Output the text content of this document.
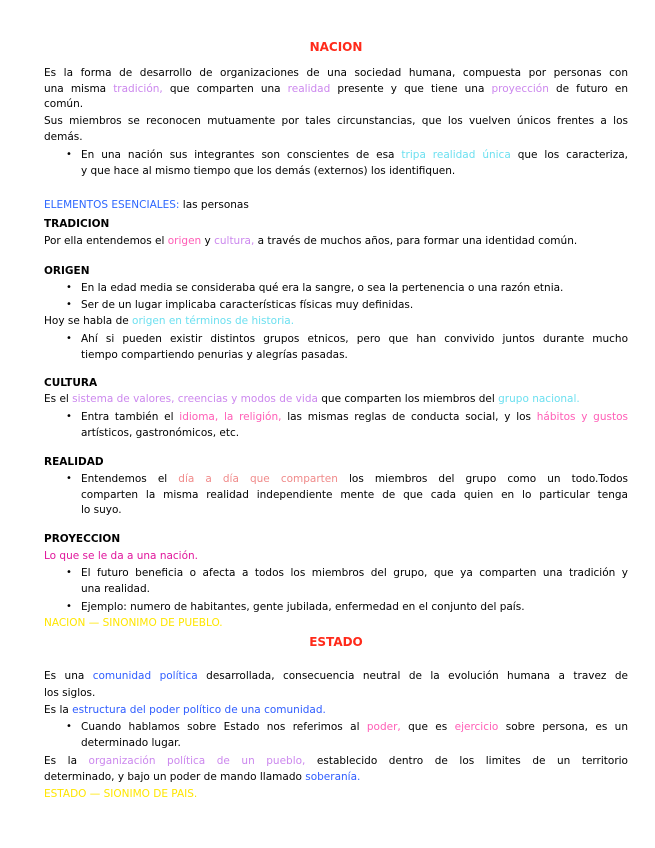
NACION
Es la forma de desarrollo de organizaciones de una sociedad humana, compuesta por personas con
una misma tradición, que comparten una realidad presente y que tiene una proyección de futuro en
común.
Sus miembros se reconocen mutuamente por tales circunstancias, que los vuelven únicos frentes a los
demás.
• En una nación sus integrantes son conscientes de esa tripa realidad única que los caracteriza,
y que hace al mismo tiempo que los demás (externos) los identifiquen.
ELEMENTOS ESENCIALES: las personas
TRADICION
Por ella entendemos el origen y cultura, a través de muchos años, para formar una identidad común.
ORIGEN
• En la edad media se consideraba qué era la sangre, o sea la pertenencia o una razón etnia.
• Ser de un lugar implicaba características físicas muy definidas.
Hoy se habla de origen en términos de historia.
• Ahí si pueden existir distintos grupos etnicos, pero que han convivido juntos durante mucho
tiempo compartiendo penurias y alegrías pasadas.
CULTURA
Es el sistema de valores, creencias y modos de vida que comparten los miembros del grupo nacional.
• Entra también el idioma, la religión, las mismas reglas de conducta social, y los hábitos y gustos
artísticos, gastronómicos, etc.
REALIDAD
• Entendemos el día a día que comparten los miembros del grupo como un todo.Todos
comparten la misma realidad independiente mente de que cada quien en lo particular tenga
lo suyo.
PROYECCION
Lo que se le da a una nación.
• El futuro beneficia o afecta a todos los miembros del grupo, que ya comparten una tradición y
una realidad.
• Ejemplo: numero de habitantes, gente jubilada, enfermedad en el conjunto del país.
NACION — SINONIMO DE PUEBLO.
ESTADO
Es una comunidad política desarrollada, consecuencia neutral de la evolución humana a travez de
los siglos.
Es la estructura del poder político de una comunidad.
• Cuando hablamos sobre Estado nos referimos al poder, que es ejercicio sobre persona, es un
determinado lugar.
Es la organización política de un pueblo, establecido dentro de los limites de un territorio
determinado, y bajo un poder de mando llamado soberanía.
ESTADO — SIONIMO DE PAIS.
